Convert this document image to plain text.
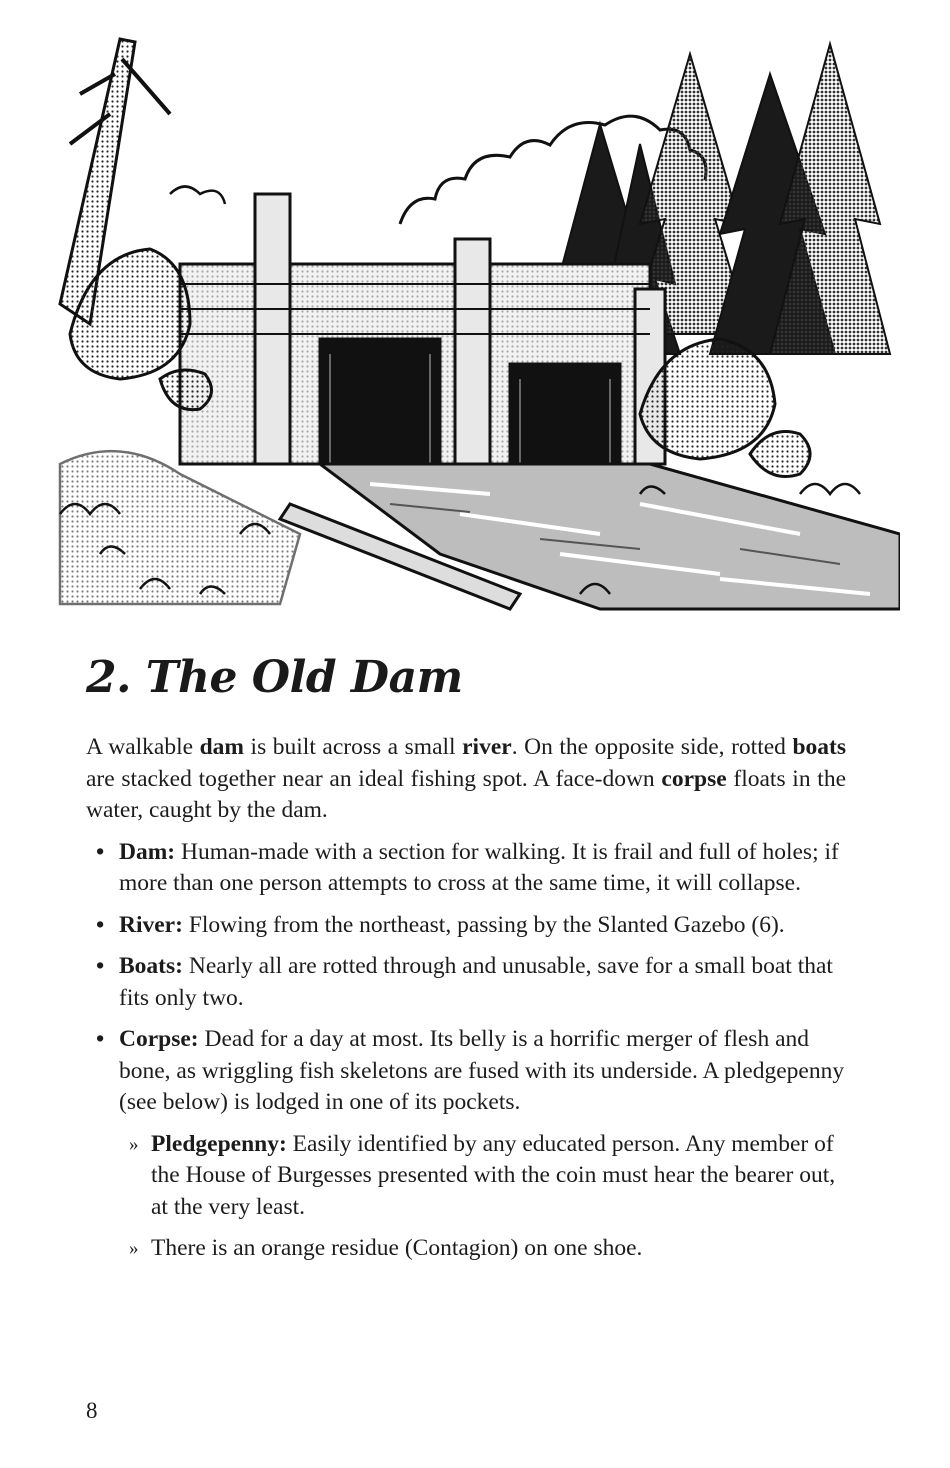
2. The Old Dam

A walkable dam is built across a small river. On the opposite side, rotted boats are stacked together near an ideal fishing spot. A face-down corpse floats in the water, caught by the dam.

• Dam: Human-made with a section for walking. It is frail and full of holes; if more than one person attempts to cross at the same time, it will collapse.
• River: Flowing from the northeast, passing by the Slanted Gazebo (6).
• Boats: Nearly all are rotted through and unusable, save for a small boat that fits only two.
• Corpse: Dead for a day at most. Its belly is a horrific merger of flesh and bone, as wriggling fish skeletons are fused with its underside. A pledgepenny (see below) is lodged in one of its pockets.
» Pledgepenny: Easily identified by any educated person. Any member of the House of Burgesses presented with the coin must hear the bearer out, at the very least.
» There is an orange residue (Contagion) on one shoe.
8
